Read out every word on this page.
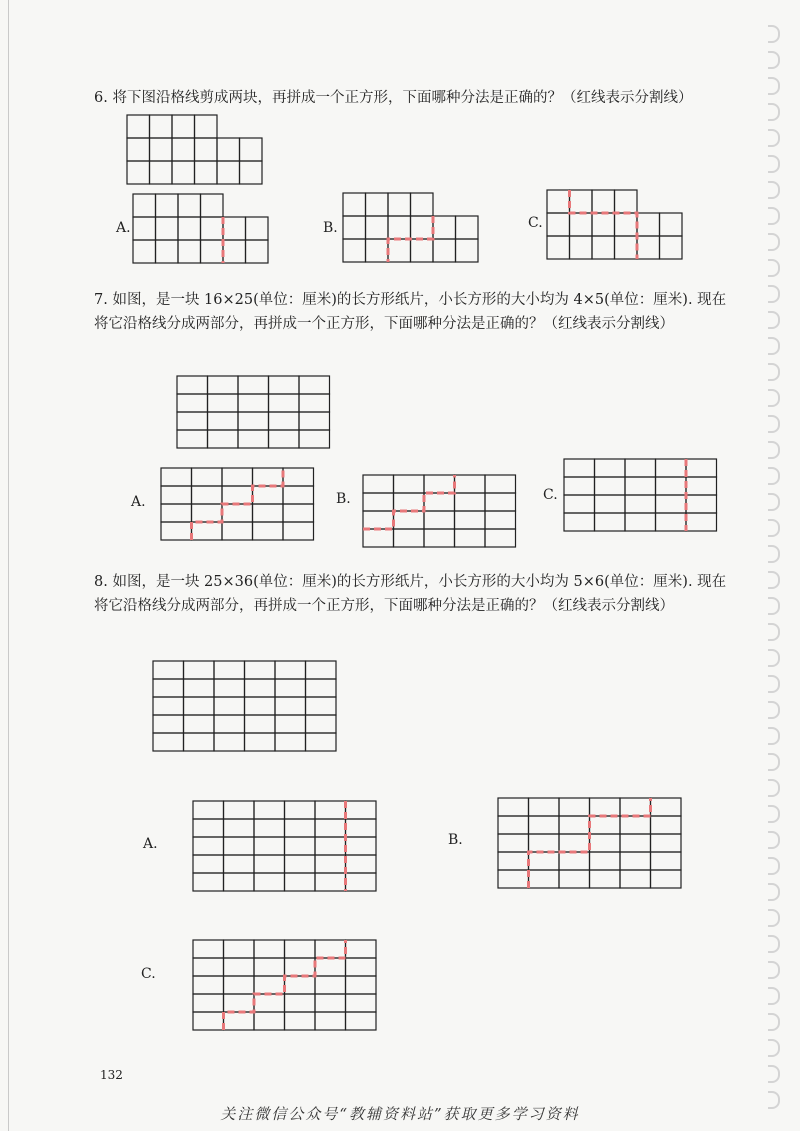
6. 将下图沿格线剪成两块，再拼成一个正方形，下面哪种分法是正确的？（红线表示分割线）
A.	B.	C.
7. 如图，是一块 16×25(单位：厘米)的长方形纸片，小长方形的大小均为 4×5(单位：厘米). 现在将它沿格线分成两部分，再拼成一个正方形，下面哪种分法是正确的？（红线表示分割线）
A.	B.	C.
8. 如图，是一块 25×36(单位：厘米)的长方形纸片，小长方形的大小均为 5×6(单位：厘米). 现在将它沿格线分成两部分，再拼成一个正方形，下面哪种分法是正确的？（红线表示分割线）
A.	B.
C.
132
关注微信公众号“教辅资料站”获取更多学习资料
